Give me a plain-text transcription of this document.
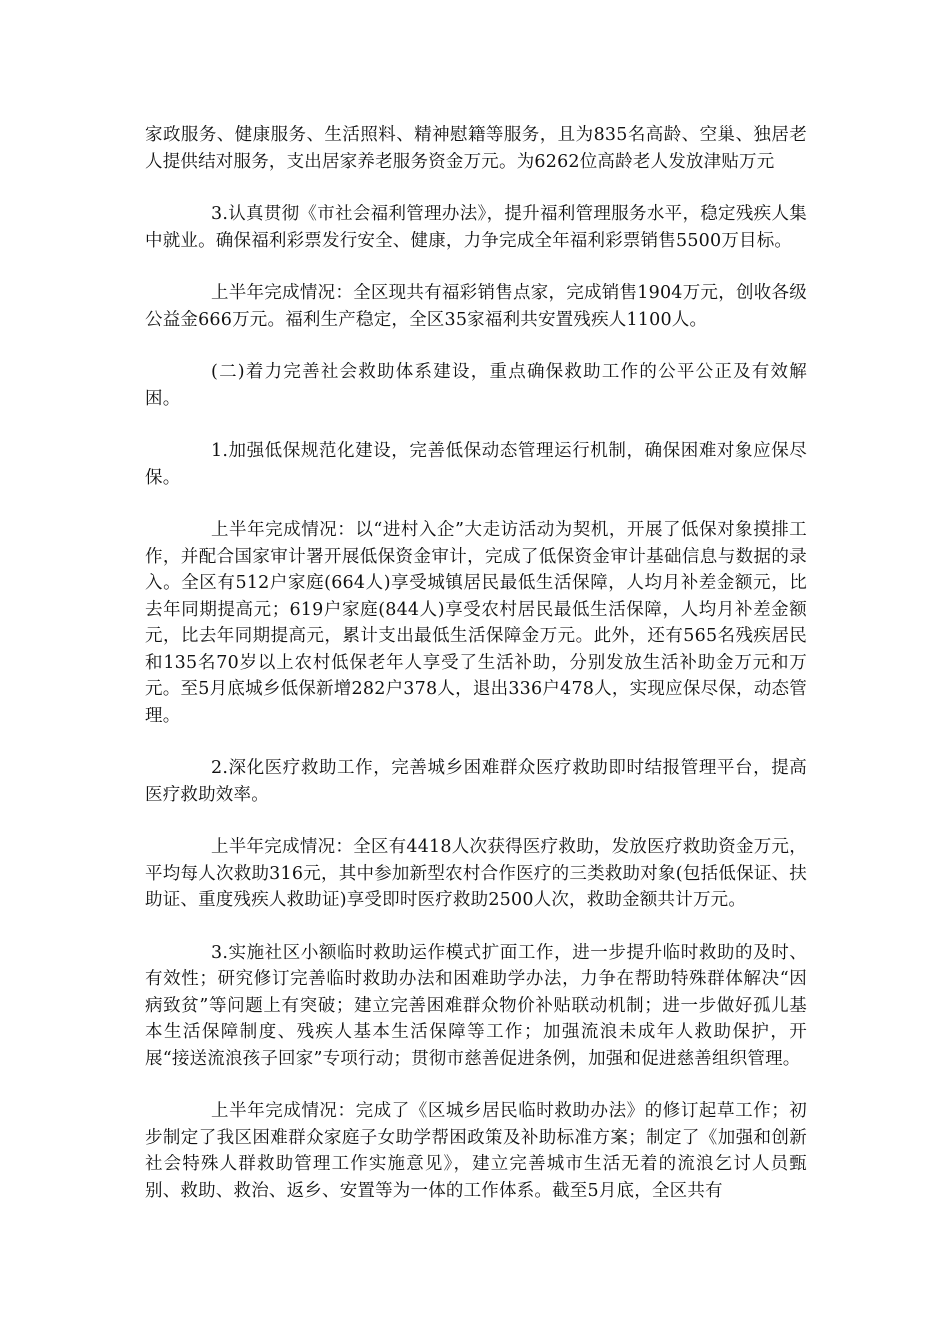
家政服务、健康服务、生活照料、精神慰籍等服务，且为835名高龄、空巢、独居老人提供结对服务，支出居家养老服务资金万元。为6262位高龄老人发放津贴万元

3.认真贯彻《市社会福利管理办法》，提升福利管理服务水平，稳定残疾人集中就业。确保福利彩票发行安全、健康，力争完成全年福利彩票销售5500万目标。

上半年完成情况：全区现共有福彩销售点家，完成销售1904万元，创收各级公益金666万元。福利生产稳定，全区35家福利共安置残疾人1100人。

(二)着力完善社会救助体系建设，重点确保救助工作的公平公正及有效解困。

1.加强低保规范化建设，完善低保动态管理运行机制，确保困难对象应保尽保。

上半年完成情况：以“进村入企”大走访活动为契机，开展了低保对象摸排工作，并配合国家审计署开展低保资金审计，完成了低保资金审计基础信息与数据的录入。全区有512户家庭(664人)享受城镇居民最低生活保障，人均月补差金额元，比去年同期提高元；619户家庭(844人)享受农村居民最低生活保障，人均月补差金额元，比去年同期提高元，累计支出最低生活保障金万元。此外，还有565名残疾居民和135名70岁以上农村低保老年人享受了生活补助，分别发放生活补助金万元和万元。至5月底城乡低保新增282户378人，退出336户478人，实现应保尽保，动态管理。

2.深化医疗救助工作，完善城乡困难群众医疗救助即时结报管理平台，提高医疗救助效率。

上半年完成情况：全区有4418人次获得医疗救助，发放医疗救助资金万元，平均每人次救助316元，其中参加新型农村合作医疗的三类救助对象(包括低保证、扶助证、重度残疾人救助证)享受即时医疗救助2500人次，救助金额共计万元。

3.实施社区小额临时救助运作模式扩面工作，进一步提升临时救助的及时、有效性；研究修订完善临时救助办法和困难助学办法，力争在帮助特殊群体解决“因病致贫”等问题上有突破；建立完善困难群众物价补贴联动机制；进一步做好孤儿基本生活保障制度、残疾人基本生活保障等工作；加强流浪未成年人救助保护，开展“接送流浪孩子回家”专项行动；贯彻市慈善促进条例，加强和促进慈善组织管理。

上半年完成情况：完成了《区城乡居民临时救助办法》的修订起草工作；初步制定了我区困难群众家庭子女助学帮困政策及补助标准方案；制定了《加强和创新社会特殊人群救助管理工作实施意见》，建立完善城市生活无着的流浪乞讨人员甄别、救助、救治、返乡、安置等为一体的工作体系。截至5月底，全区共有
